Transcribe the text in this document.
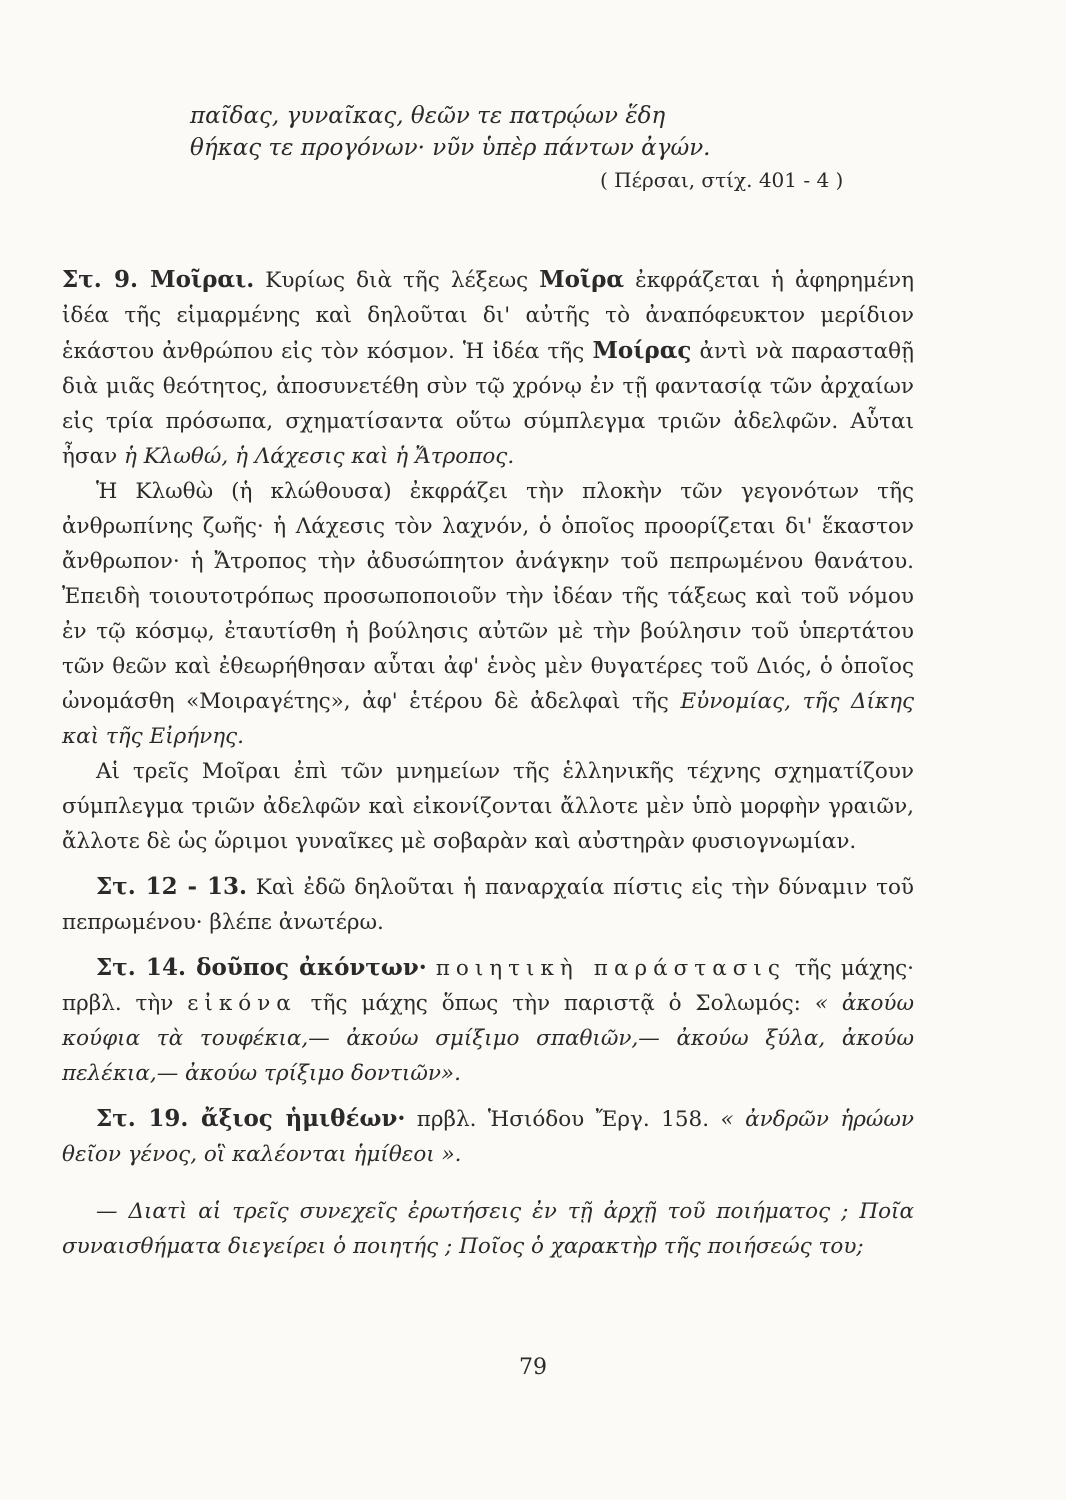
παῖδας, γυναῖκας, θεῶν τε πατρῴων ἕδη
θήκας τε προγόνων· νῦν ὑπὲρ πάντων ἀγών.
( Πέρσαι, στίχ. 401 - 4 )

Στ. 9. Μοῖραι. Κυρίως διὰ τῆς λέξεως Μοῖρα ἐκφράζεται ἡ ἀφηρημένη ἰδέα τῆς εἱμαρμένης καὶ δηλοῦται δι' αὐτῆς τὸ ἀναπόφευκτον μερίδιον ἑκάστου ἀνθρώπου εἰς τὸν κόσμον. Ἡ ἰδέα τῆς Μοίρας ἀντὶ νὰ παρασταθῇ διὰ μιᾶς θεότητος, ἀποσυνετέθη σὺν τῷ χρόνῳ ἐν τῇ φαντασίᾳ τῶν ἀρχαίων εἰς τρία πρόσωπα, σχηματίσαντα οὕτω σύμπλεγμα τριῶν ἀδελφῶν. Αὗται ἦσαν ἡ Κλωθώ, ἡ Λάχεσις καὶ ἡ Ἄτροπος.

Ἡ Κλωθὼ (ἡ κλώθουσα) ἐκφράζει τὴν πλοκὴν τῶν γεγονότων τῆς ἀνθρωπίνης ζωῆς· ἡ Λάχεσις τὸν λαχνόν, ὁ ὁποῖος προορίζεται δι' ἕκαστον ἄνθρωπον· ἡ Ἄτροπος τὴν ἀδυσώπητον ἀνάγκην τοῦ πεπρωμένου θανάτου. Ἐπειδὴ τοιουτοτρόπως προσωποποιοῦν τὴν ἰδέαν τῆς τάξεως καὶ τοῦ νόμου ἐν τῷ κόσμῳ, ἐταυτίσθη ἡ βούλησις αὐτῶν μὲ τὴν βούλησιν τοῦ ὑπερτάτου τῶν θεῶν καὶ ἐθεωρήθησαν αὗται ἀφ' ἑνὸς μὲν θυγατέρες τοῦ Διός, ὁ ὁποῖος ὠνομάσθη «Μοιραγέτης», ἀφ' ἑτέρου δὲ ἀδελφαὶ τῆς Εὐνομίας, τῆς Δίκης καὶ τῆς Εἰρήνης.

Αἱ τρεῖς Μοῖραι ἐπὶ τῶν μνημείων τῆς ἑλληνικῆς τέχνης σχηματίζουν σύμπλεγμα τριῶν ἀδελφῶν καὶ εἰκονίζονται ἄλλοτε μὲν ὑπὸ μορφὴν γραιῶν, ἄλλοτε δὲ ὡς ὥριμοι γυναῖκες μὲ σοβαρὰν καὶ αὐστηρὰν φυσιογνωμίαν.

Στ. 12 - 13. Καὶ ἐδῶ δηλοῦται ἡ παναρχαία πίστις εἰς τὴν δύναμιν τοῦ πεπρωμένου· βλέπε ἀνωτέρω.

Στ. 14. δοῦπος ἀκόντων· ποιητικὴ παράστασις τῆς μάχης· πρβλ. τὴν εἰκόνα τῆς μάχης ὅπως τὴν παριστᾷ ὁ Σολωμός: « ἀκούω κούφια τὰ τουφέκια,— ἀκούω σμίξιμο σπαθιῶν,— ἀκούω ξύλα, ἀκούω πελέκια,— ἀκούω τρίξιμο δοντιῶν».

Στ. 19. ἄξιος ἡμιθέων· πρβλ. Ἡσιόδου Ἔργ. 158. « ἀνδρῶν ἡρώων θεῖον γένος, οἳ καλέονται ἡμίθεοι ».

— Διατὶ αἱ τρεῖς συνεχεῖς ἐρωτήσεις ἐν τῇ ἀρχῇ τοῦ ποιήματος ; Ποῖα συναισθήματα διεγείρει ὁ ποιητής ; Ποῖος ὁ χαρακτὴρ τῆς ποιήσεώς του;

79
